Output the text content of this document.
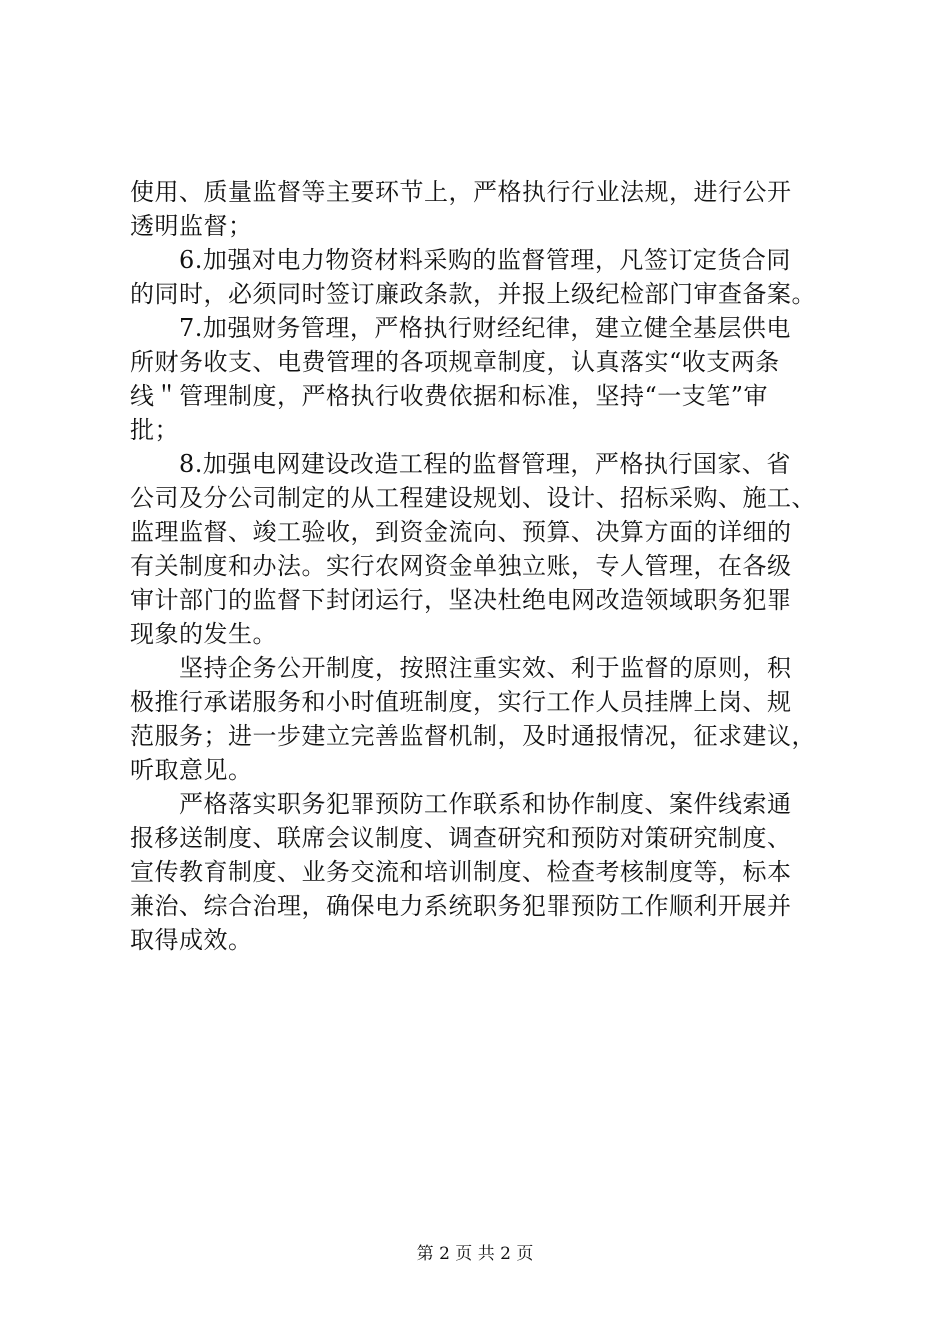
使用、质量监督等主要环节上，严格执行行业法规，进行公开
透明监督；
　　6.加强对电力物资材料采购的监督管理，凡签订定货合同
的同时，必须同时签订廉政条款，并报上级纪检部门审查备案。
　　7.加强财务管理，严格执行财经纪律，建立健全基层供电
所财务收支、电费管理的各项规章制度，认真落实“收支两条
线＂管理制度，严格执行收费依据和标准，坚持“一支笔”审
批；
　　8.加强电网建设改造工程的监督管理，严格执行国家、省
公司及分公司制定的从工程建设规划、设计、招标采购、施工、
监理监督、竣工验收，到资金流向、预算、决算方面的详细的
有关制度和办法。实行农网资金单独立账，专人管理，在各级
审计部门的监督下封闭运行，坚决杜绝电网改造领域职务犯罪
现象的发生。
　　坚持企务公开制度，按照注重实效、利于监督的原则，积
极推行承诺服务和小时值班制度，实行工作人员挂牌上岗、规
范服务；进一步建立完善监督机制，及时通报情况，征求建议，
听取意见。
　　严格落实职务犯罪预防工作联系和协作制度、案件线索通
报移送制度、联席会议制度、调查研究和预防对策研究制度、
宣传教育制度、业务交流和培训制度、检查考核制度等，标本
兼治、综合治理，确保电力系统职务犯罪预防工作顺利开展并
取得成效。
第 2 页 共 2 页
